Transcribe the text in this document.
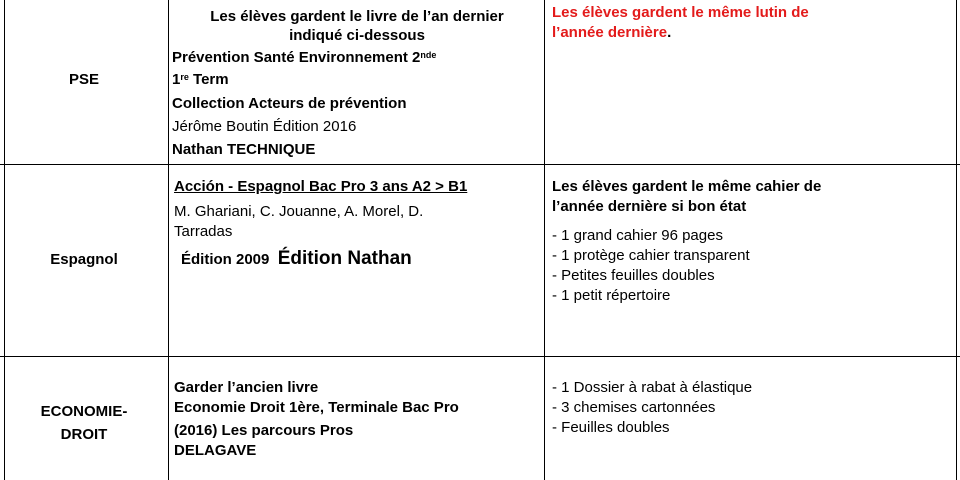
PSE

Les élèves gardent le livre de l’an dernier

indiqué ci-dessous

Prévention Santé Environnement 2nde

1re Term

Collection Acteurs de prévention

Jérôme Boutin Édition 2016

Nathan TECHNIQUE

Les élèves gardent le même lutin de

l’année dernière.

Espagnol

Acción - Espagnol Bac Pro 3 ans A2 > B1

M. Ghariani, C. Jouanne, A. Morel, D.

Tarradas

Édition 2009 Édition Nathan

Les élèves gardent le même cahier de

l’année dernière si bon état

- 1 grand cahier 96 pages

- 1 protège cahier transparent

- Petites feuilles doubles

- 1 petit répertoire

ECONOMIE-

DROIT

Garder l’ancien livre

Economie Droit 1ère, Terminale Bac Pro

(2016) Les parcours Pros

DELAGAVE

- 1 Dossier à rabat à élastique

- 3 chemises cartonnées

- Feuilles doubles
